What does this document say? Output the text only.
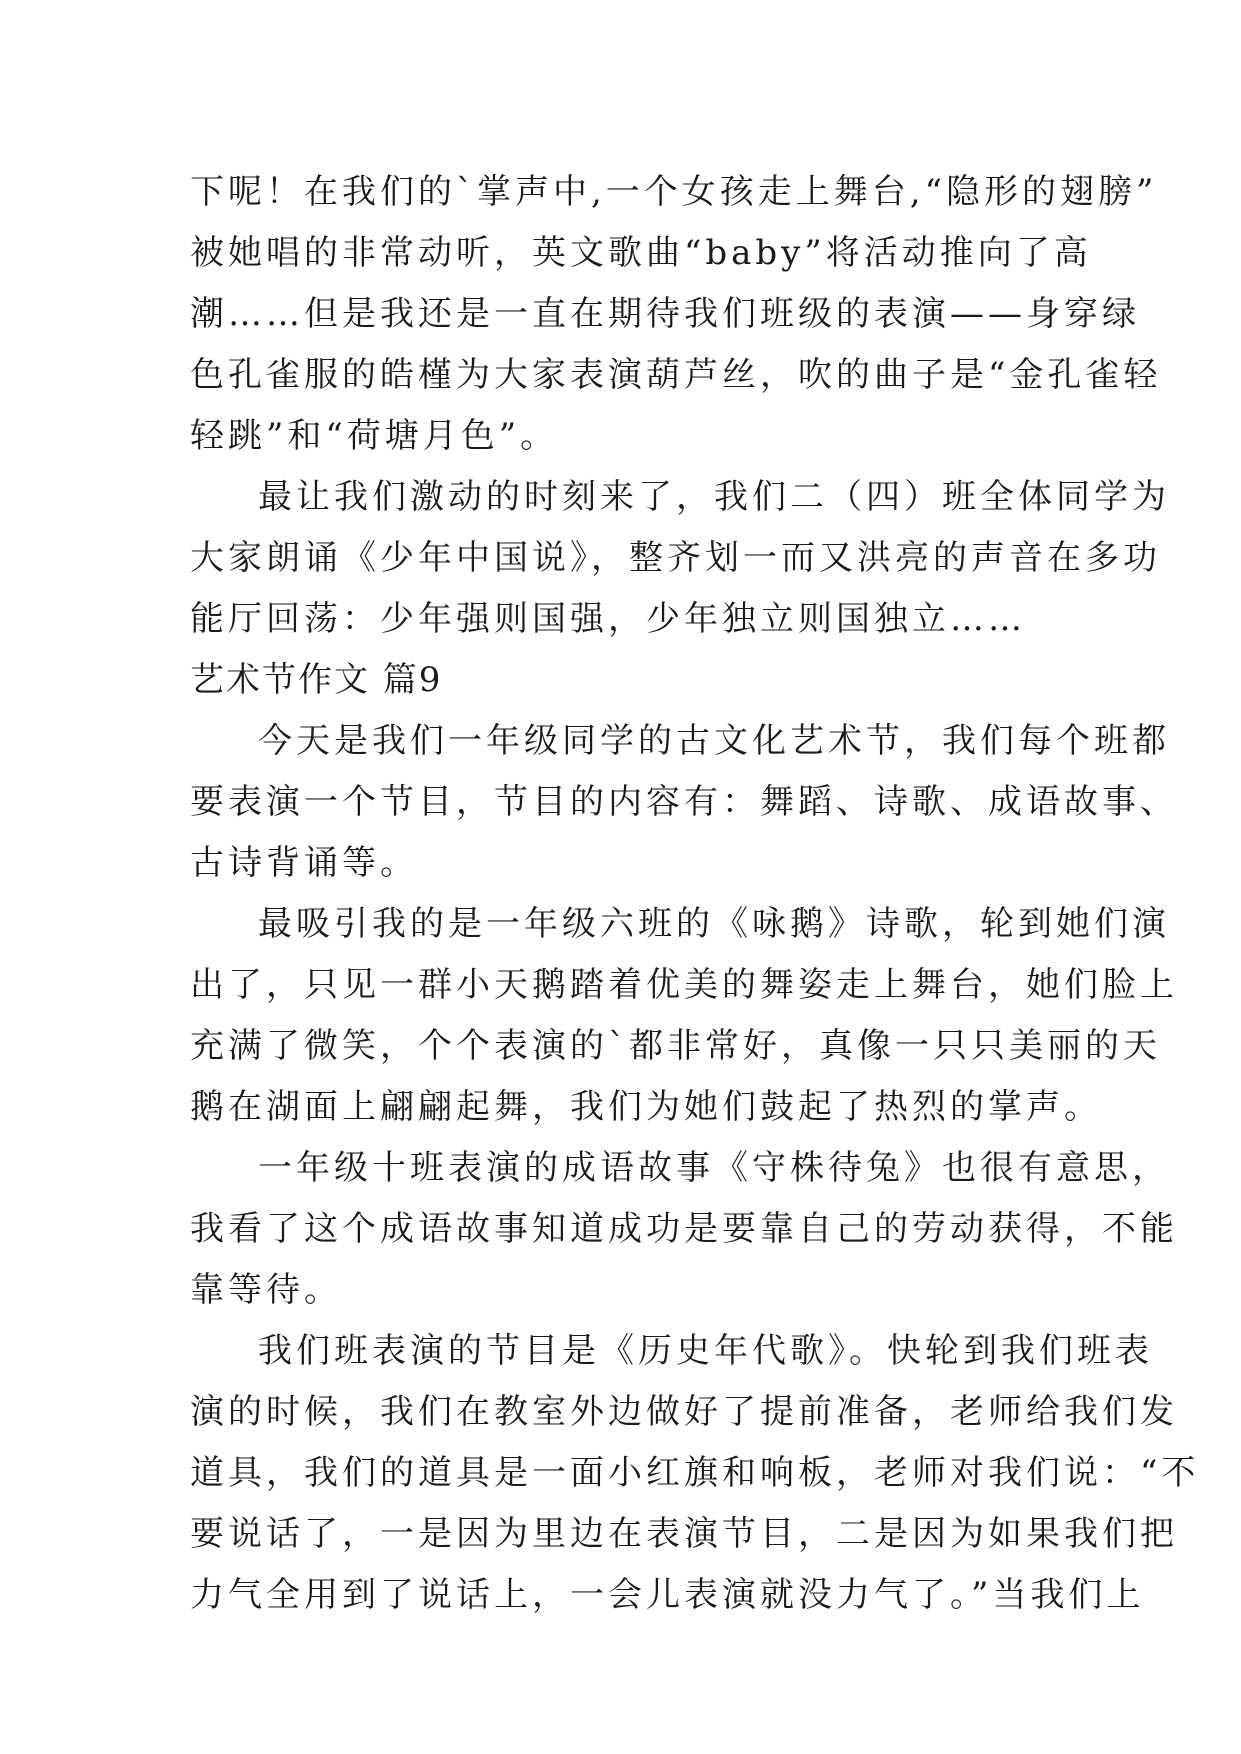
下呢！在我们的`掌声中,一个女孩走上舞台,“隐形的翅膀”
被她唱的非常动听，英文歌曲“baby”将活动推向了高
潮……但是我还是一直在期待我们班级的表演——身穿绿
色孔雀服的皓槿为大家表演葫芦丝，吹的曲子是“金孔雀轻
轻跳”和“荷塘月色”。
最让我们激动的时刻来了，我们二（四）班全体同学为
大家朗诵《少年中国说》，整齐划一而又洪亮的声音在多功
能厅回荡：少年强则国强，少年独立则国独立……
艺术节作文 篇9
今天是我们一年级同学的古文化艺术节，我们每个班都
要表演一个节目，节目的内容有：舞蹈、诗歌、成语故事、
古诗背诵等。
最吸引我的是一年级六班的《咏鹅》诗歌，轮到她们演
出了，只见一群小天鹅踏着优美的舞姿走上舞台，她们脸上
充满了微笑，个个表演的`都非常好，真像一只只美丽的天
鹅在湖面上翩翩起舞，我们为她们鼓起了热烈的掌声。
一年级十班表演的成语故事《守株待兔》也很有意思，
我看了这个成语故事知道成功是要靠自己的劳动获得，不能
靠等待。
我们班表演的节目是《历史年代歌》。快轮到我们班表
演的时候，我们在教室外边做好了提前准备，老师给我们发
道具，我们的道具是一面小红旗和响板，老师对我们说：“不
要说话了，一是因为里边在表演节目，二是因为如果我们把
力气全用到了说话上，一会儿表演就没力气了。”当我们上
